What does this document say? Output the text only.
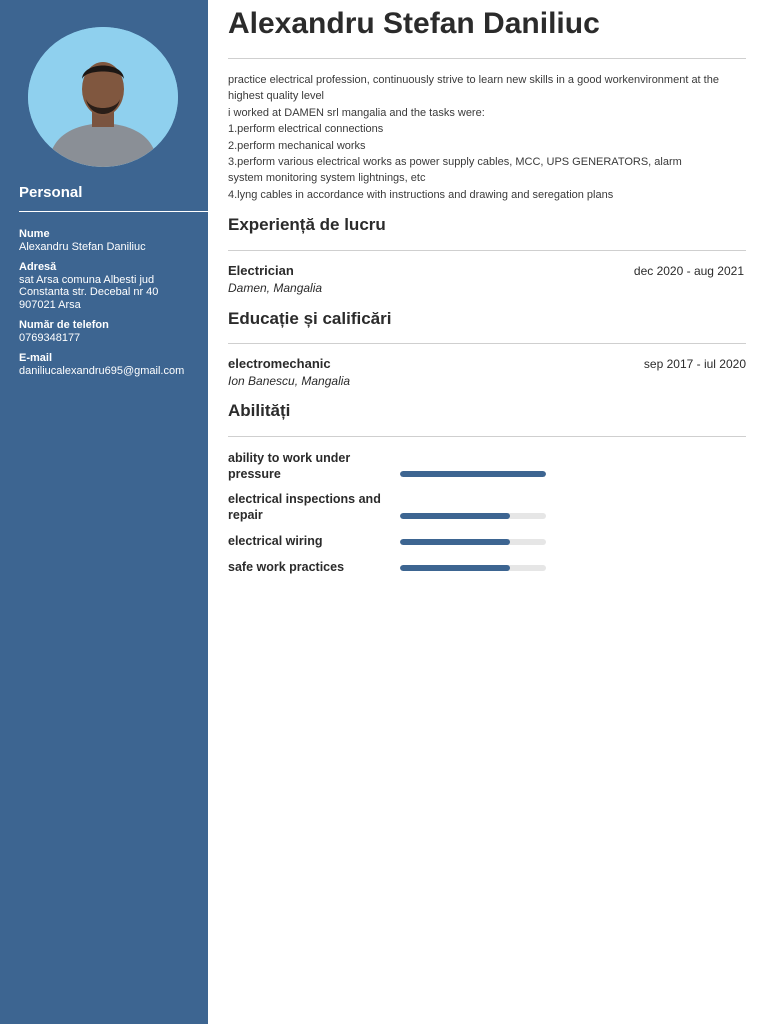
Personal
Nume
Alexandru Stefan Daniliuc
Adresă
sat Arsa comuna Albesti jud
Constanta str. Decebal nr 40
907021 Arsa
Număr de telefon
0769348177
E-mail
daniliucalexandru695@gmail.com
Alexandru Stefan Daniliuc
practice electrical profession, continuously strive to learn new skills in a good workenvironment at the
highest quality level
i worked at DAMEN srl mangalia and the tasks were:
1.perform electrical connections
2.perform mechanical works
3.perform various electrical works as power supply cables, MCC, UPS GENERATORS, alarm
system monitoring system lightnings, etc
4.lyng cables in accordance with instructions and drawing and seregation plans
Experiență de lucru
Electrician	dec 2020 - aug 2021
Damen, Mangalia
Educație și calificări
electromechanic	sep 2017 - iul 2020
Ion Banescu, Mangalia
Abilități
ability to work under
pressure
electrical inspections and
repair
electrical wiring
safe work practices
